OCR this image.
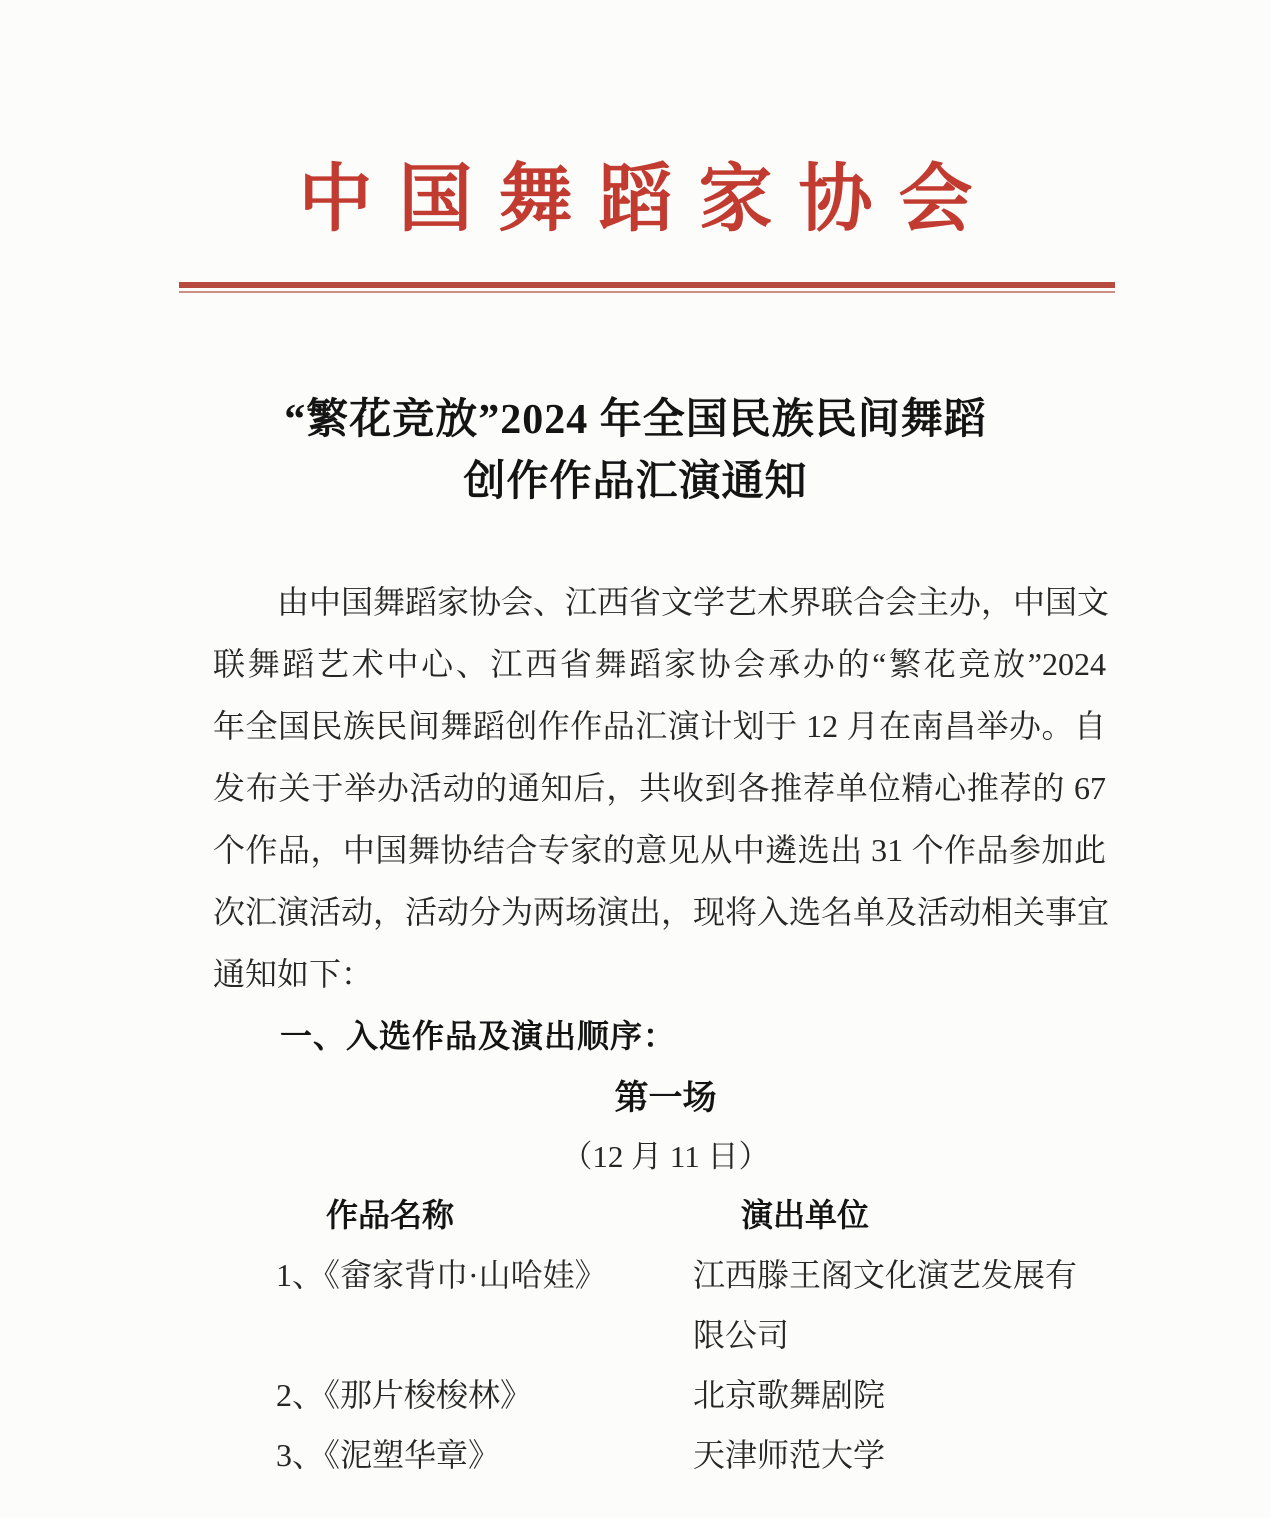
中国舞蹈家协会
“繁花竞放”2024 年全国民族民间舞蹈
创作作品汇演通知
由中国舞蹈家协会、江西省文学艺术界联合会主办，中国文
联舞蹈艺术中心、江西省舞蹈家协会承办的“繁花竞放”2024
年全国民族民间舞蹈创作作品汇演计划于 12 月在南昌举办。自
发布关于举办活动的通知后，共收到各推荐单位精心推荐的 67
个作品，中国舞协结合专家的意见从中遴选出 31 个作品参加此
次汇演活动，活动分为两场演出，现将入选名单及活动相关事宜
通知如下：
一、入选作品及演出顺序：
第一场
（12 月 11 日）
作品名称	演出单位
1、《畲家背巾·山哈娃》	江西滕王阁文化演艺发展有限公司
2、《那片梭梭林》	北京歌舞剧院
3、《泥塑华章》	天津师范大学
